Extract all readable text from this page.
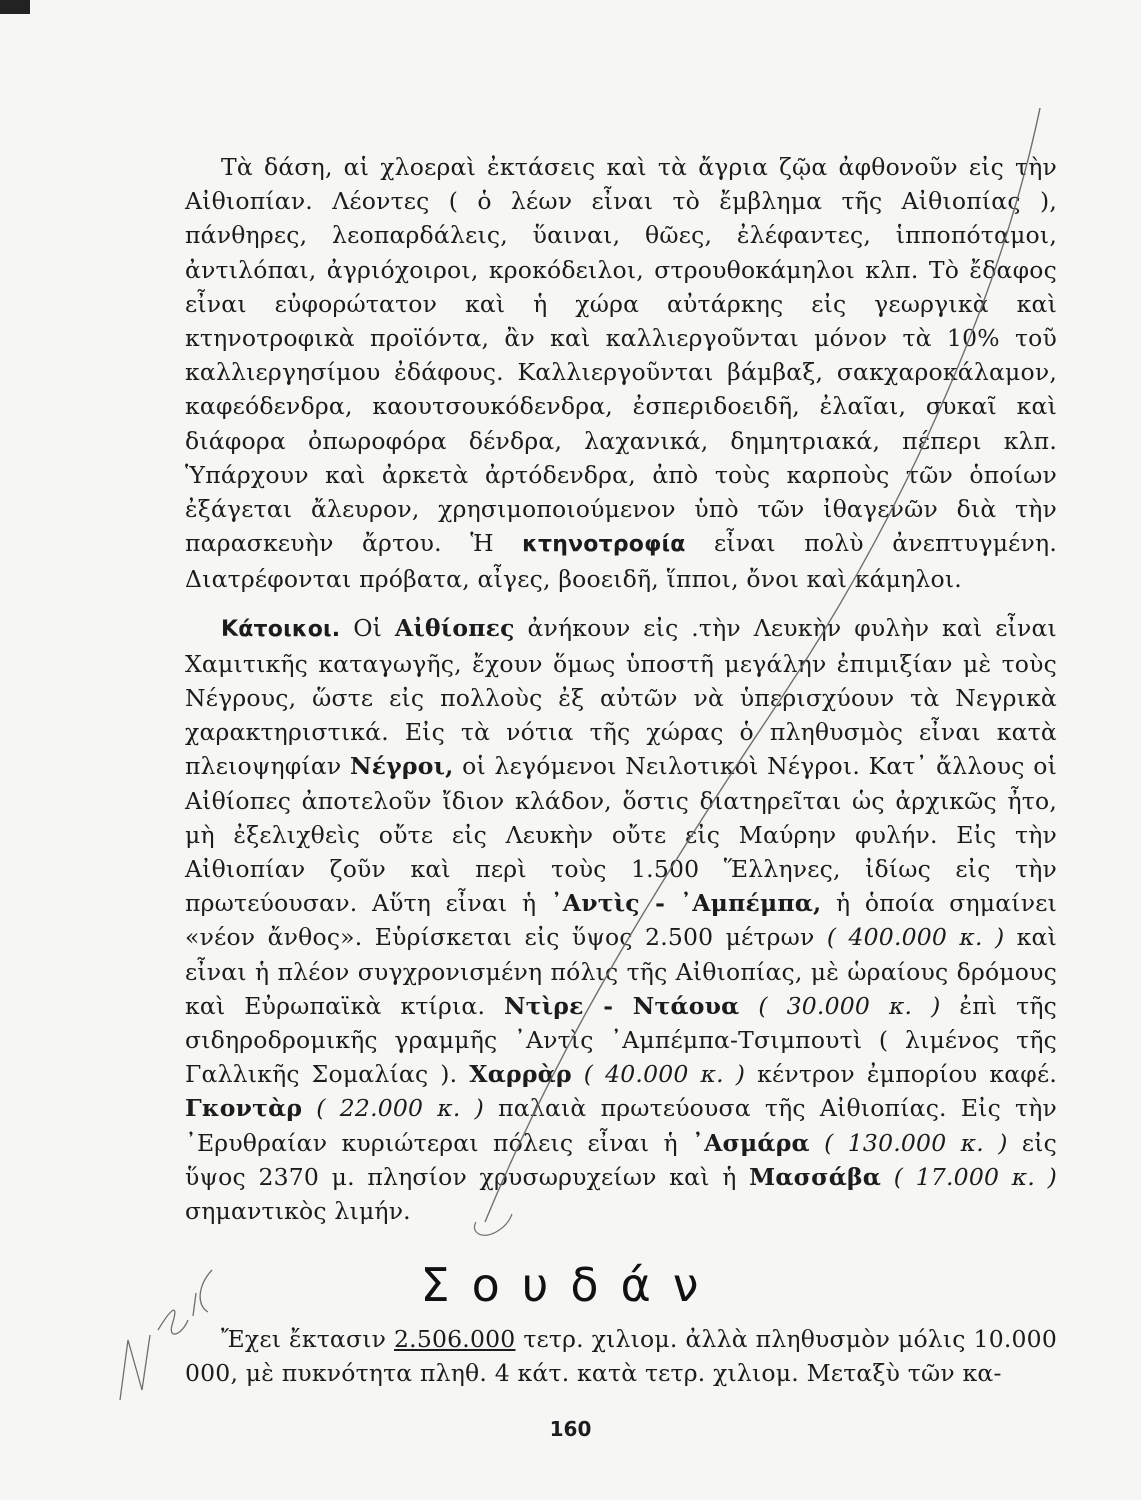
Τὰ δάση, αἱ χλοεραὶ ἐκτάσεις καὶ τὰ ἄγρια ζῷα ἀφθονοῦν εἰς τὴν Αἰθιοπίαν. Λέοντες ( ὁ λέων εἶναι τὸ ἔμβλημα τῆς Αἰθιοπίας ), πάνθηρες, λεοπαρδάλεις, ὕαιναι, θῶες, ἐλέφαντες, ἱπποπόταμοι, ἀντιλόπαι, ἀγριόχοιροι, κροκόδειλοι, στρουθοκάμηλοι κλπ. Τὸ ἔδαφος εἶναι εὐφορώτατον καὶ ἡ χώρα αὐτάρκης εἰς γεωργικὰ καὶ κτηνοτροφικὰ προϊόντα, ἂν καὶ καλλιεργοῦνται μόνον τὰ 10% τοῦ καλλιεργησίμου ἐδάφους. Καλλιεργοῦνται βάμβαξ, σακχαροκάλαμον, καφεόδενδρα, καουτσουκόδενδρα, ἐσπεριδοειδῆ, ἐλαῖαι, συκαῖ καὶ διάφορα ὀπωροφόρα δένδρα, λαχανικά, δημητριακά, πέπερι κλπ. Ὑπάρχουν καὶ ἀρκετὰ ἀρτόδενδρα, ἀπὸ τοὺς καρποὺς τῶν ὁποίων ἐξάγεται ἄλευρον, χρησιμοποιούμενον ὑπὸ τῶν ἰθαγενῶν διὰ τὴν παρασκευὴν ἄρτου. Ἡ κτηνοτροφία εἶναι πολὺ ἀνεπτυγμένη. Διατρέφονται πρόβατα, αἶγες, βοοειδῆ, ἵπποι, ὄνοι καὶ κάμηλοι.

Κάτοικοι. Οἱ Αἰθίοπες ἀνήκουν εἰς .τὴν Λευκὴν φυλὴν καὶ εἶναι Χαμιτικῆς καταγωγῆς, ἔχουν ὅμως ὑποστῆ μεγάλην ἐπιμιξίαν μὲ τοὺς Νέγρους, ὥστε εἰς πολλοὺς ἐξ αὐτῶν νὰ ὑπερισχύουν τὰ Νεγρικὰ χαρακτηριστικά. Εἰς τὰ νότια τῆς χώρας ὁ πληθυσμὸς εἶναι κατὰ πλειοψηφίαν Νέγροι, οἱ λεγόμενοι Νειλοτικοὶ Νέγροι. Κατ᾿ ἄλλους οἱ Αἰθίοπες ἀποτελοῦν ἴδιον κλάδον, ὅστις διατηρεῖται ὡς ἀρχικῶς ἦτο, μὴ ἐξελιχθεὶς οὔτε εἰς Λευκὴν οὔτε εἰς Μαύρην φυλήν. Εἰς τὴν Αἰθιοπίαν ζοῦν καὶ περὶ τοὺς 1.500 Ἕλληνες, ἰδίως εἰς τὴν πρωτεύουσαν. Αὕτη εἶναι ἡ ᾿Αντὶς - ᾿Αμπέμπα, ἡ ὁποία σημαίνει «νέον ἄνθος». Εὑρίσκεται εἰς ὕψος 2.500 μέτρων ( 400.000 κ. ) καὶ εἶναι ἡ πλέον συγχρονισμένη πόλις τῆς Αἰθιοπίας, μὲ ὡραίους δρόμους καὶ Εὐρωπαϊκὰ κτίρια. Ντὶρε - Ντάουα ( 30.000 κ. ) ἐπὶ τῆς σιδηροδρομικῆς γραμμῆς ᾿Αντὶς ᾿Αμπέμπα-Τσιμπουτὶ ( λιμένος τῆς Γαλλικῆς Σομαλίας ). Χαρρὰρ ( 40.000 κ. ) κέντρον ἐμπορίου καφέ. Γκοντὰρ ( 22.000 κ. ) παλαιὰ πρωτεύουσα τῆς Αἰθιοπίας. Εἰς τὴν ᾿Ερυθραίαν κυριώτεραι πόλεις εἶναι ἡ ᾿Ασμάρα ( 130.000 κ. ) εἰς ὕψος 2370 μ. πλησίον χρυσωρυχείων καὶ ἡ Μασσάβα ( 17.000 κ. ) σημαντικὸς λιμήν.

Σουδάν

Ἔχει ἔκτασιν 2.506.000 τετρ. χιλιομ. ἀλλὰ πληθυσμὸν μόλις 10.000 000, μὲ πυκνότητα πληθ. 4 κάτ. κατὰ τετρ. χιλιομ. Μεταξὺ τῶν κα-

160
